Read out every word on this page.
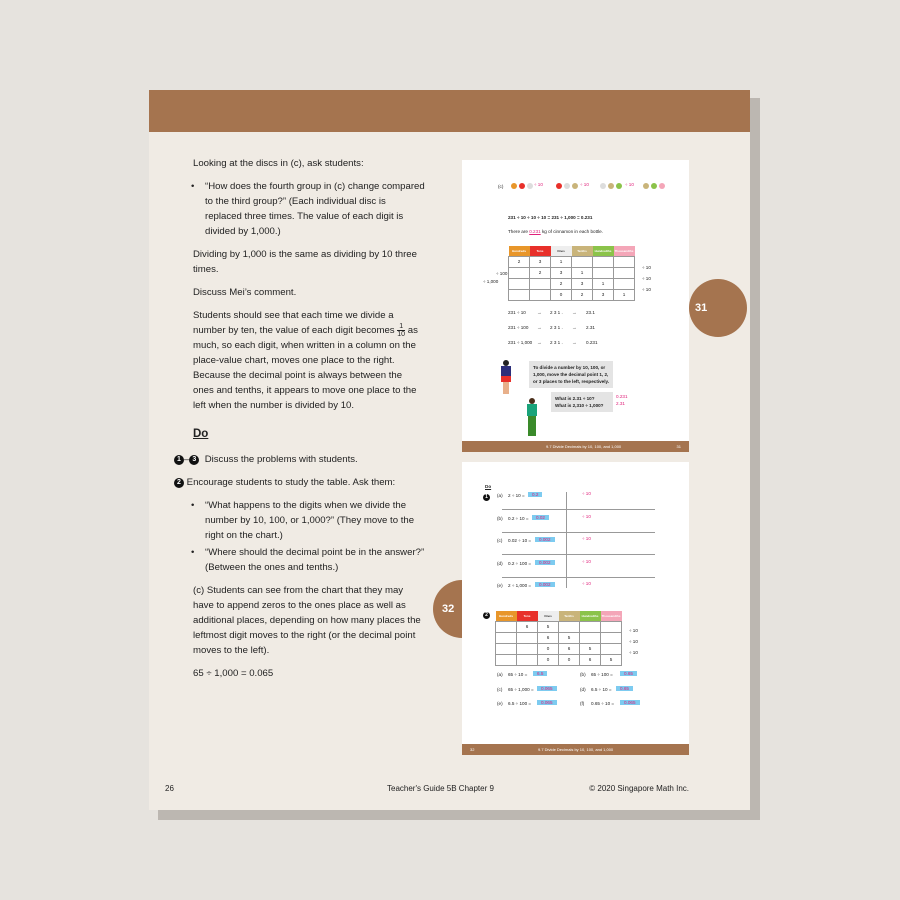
Looking at the discs in (c), ask students:

• “How does the fourth group in (c) change compared to the third group?” (Each individual disc is replaced three times. The value of each digit is divided by 1,000.)

Dividing by 1,000 is the same as dividing by 10 three times.

Discuss Mei’s comment.

Students should see that each time we divide a number by ten, the value of each digit becomes $\frac{1}{10}$ as much, so each digit, when written in a column on the place-value chart, moves one place to the right. Because the decimal point is always between the ones and tenths, it appears to move one place to the left when the number is divided by 10.

Do

1 – 3 Discuss the problems with students.

2 Encourage students to study the table. Ask them:

• “What happens to the digits when we divide the number by 10, 100, or 1,000?” (They move to the right on the chart.)
• “Where should the decimal point be in the answer?” (Between the ones and tenths.)

(c) Students can see from the chart that they may have to append zeros to the ones place as well as additional places, depending on how many places the leftmost digit moves to the right (or the decimal point moves to the left).

65 ÷ 1,000 = 0.065

26	Teacher's Guide 5B Chapter 9	© 2020 Singapore Math Inc.
31
32
(c)	÷ 10	÷ 10	÷ 10
231 ÷ 10 ÷ 10 ÷ 10 = 231 ÷ 1,000 = 0.231
There are 0.231 kg of cinnamon in each bottle.
Hundreds	Tens	Ones	Tenths	Hundredths	Thousandths
2	3	1			
	2	3	1		
		2	3	1	
		0	2	3	1
÷ 100
÷ 1,000
÷ 10
÷ 10
÷ 10
231 ÷ 10 → 2 3 1 . → 23.1
231 ÷ 100 → 2 3 1 . → 2.31
231 ÷ 1,000 → 2 3 1 . → 0.231
To divide a number by 10, 100, or 1,000, move the decimal point 1, 2, or 3 places to the left, respectively.
What is 2.31 ÷ 10?
What is 2,310 ÷ 1,000?
0.231
2.31
9.7 Divide Decimals by 10, 100, and 1,000	31
Do
1	(a) 2 ÷ 10 =	0.2	÷ 10
(b) 0.2 ÷ 10 =	0.02	÷ 10
(c) 0.02 ÷ 10 =	0.002	÷ 10
(d) 0.2 ÷ 100 =	0.002	÷ 10
(e) 2 ÷ 1,000 =	0.002	÷ 10
2	Hundreds	Tens	Ones	Tenths	Hundredths	Thousandths
	6	5			
		6	5		
		0	6	5	
		0	0	6	5
÷ 10
÷ 10
÷ 10
(a) 65 ÷ 10 =	6.5	(b) 65 ÷ 100 =	0.65
(c) 65 ÷ 1,000 =	0.065	(d) 6.5 ÷ 10 =	0.65
(e) 6.5 ÷ 100 =	0.065	(f) 0.65 ÷ 10 =	0.065
32	9.7 Divide Decimals by 10, 100, and 1,000
